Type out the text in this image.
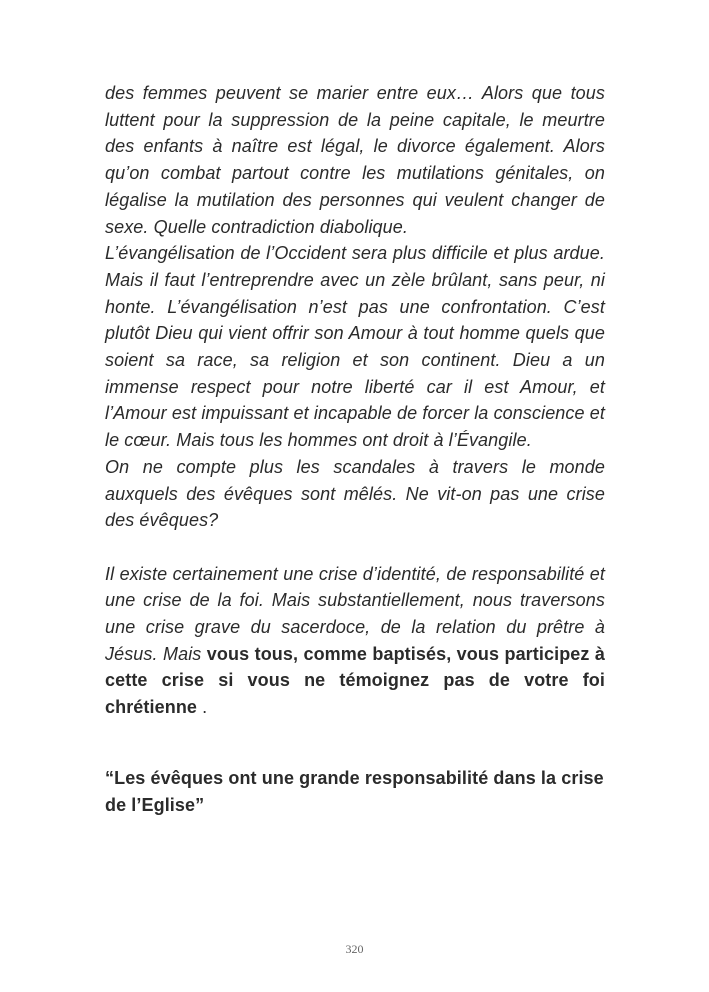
des femmes peuvent se marier entre eux… Alors que tous luttent pour la suppression de la peine capitale, le meurtre des enfants à naître est légal, le divorce également. Alors qu’on combat partout contre les mutilations génitales, on légalise la mutilation des personnes qui veulent changer de sexe. Quelle contradiction diabolique.

L’évangélisation de l’Occident sera plus difficile et plus ardue. Mais il faut l’entreprendre avec un zèle brûlant, sans peur, ni honte. L’évangélisation n’est pas une confrontation. C’est plutôt Dieu qui vient offrir son Amour à tout homme quels que soient sa race, sa religion et son continent. Dieu a un immense respect pour notre liberté car il est Amour, et l’Amour est impuissant et incapable de forcer la conscience et le cœur. Mais tous les hommes ont droit à l’Évangile.

On ne compte plus les scandales à travers le monde auxquels des évêques sont mêlés. Ne vit-on pas une crise des évêques?

Il existe certainement une crise d’identité, de responsabilité et une crise de la foi. Mais substantiellement, nous traversons une crise grave du sacerdoce, de la relation du prêtre à Jésus. Mais vous tous, comme baptisés, vous participez à cette crise si vous ne témoignez pas de votre foi chrétienne .

“Les évêques ont une grande responsabilité dans la crise de l’Eglise”

320
